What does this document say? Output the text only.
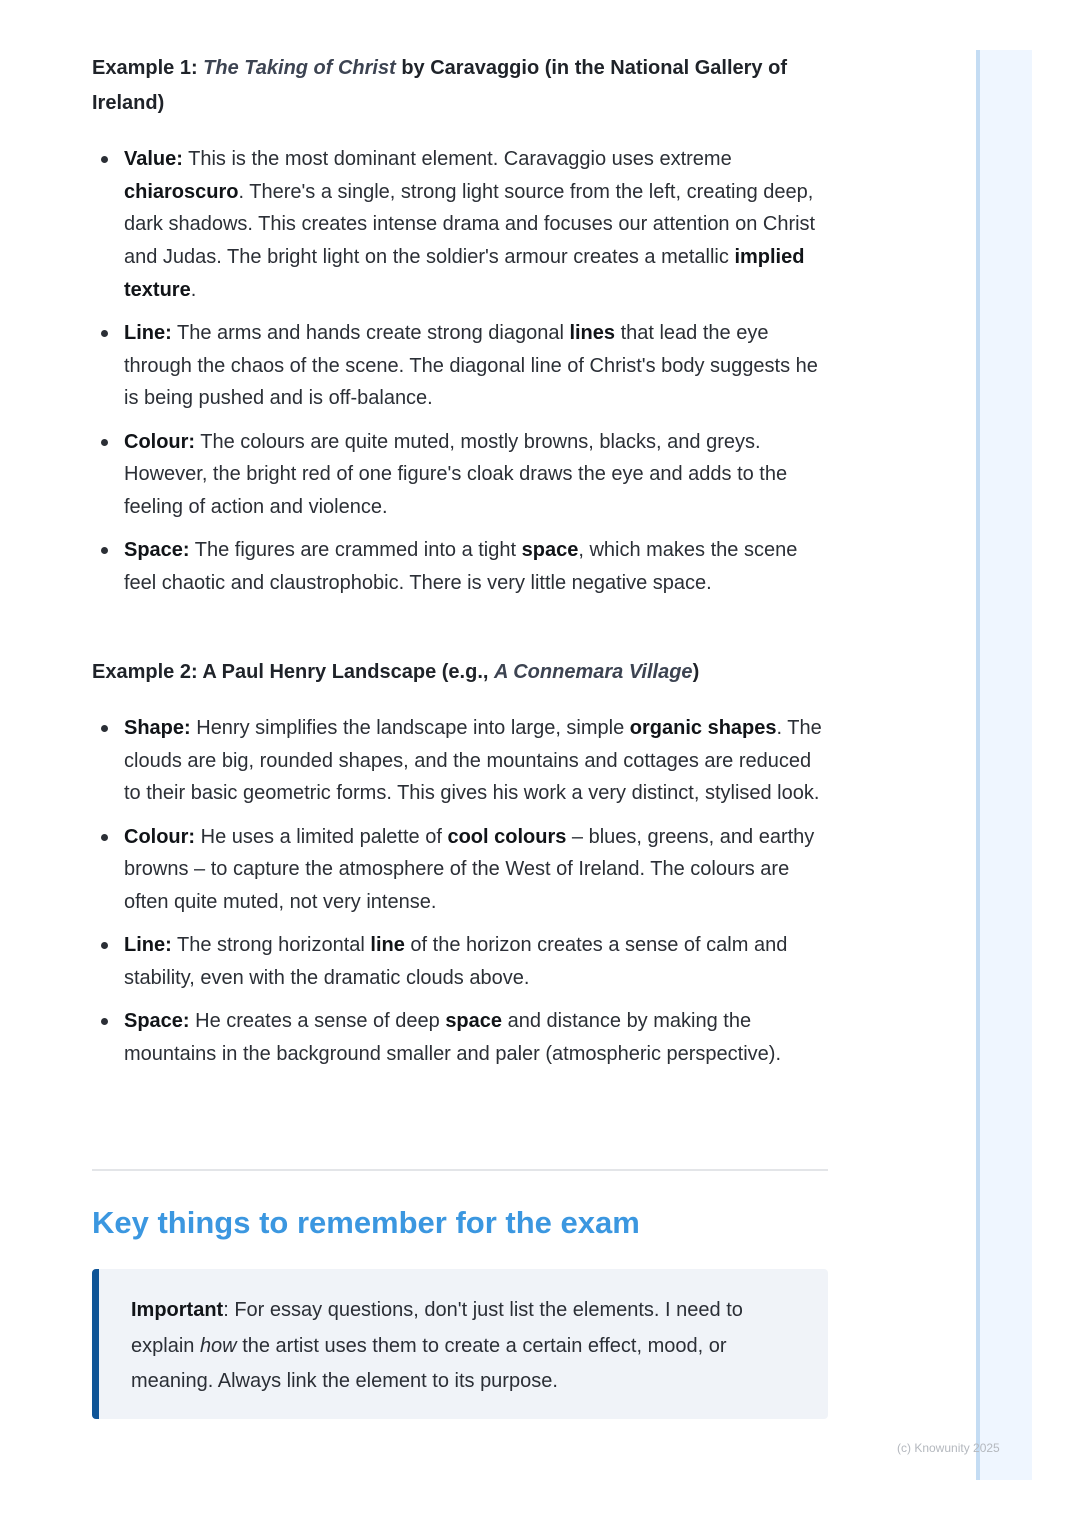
Example 1: The Taking of Christ by Caravaggio (in the National Gallery of Ireland)
Value: This is the most dominant element. Caravaggio uses extreme chiaroscuro. There's a single, strong light source from the left, creating deep, dark shadows. This creates intense drama and focuses our attention on Christ and Judas. The bright light on the soldier's armour creates a metallic implied texture.
Line: The arms and hands create strong diagonal lines that lead the eye through the chaos of the scene. The diagonal line of Christ's body suggests he is being pushed and is off-balance.
Colour: The colours are quite muted, mostly browns, blacks, and greys. However, the bright red of one figure's cloak draws the eye and adds to the feeling of action and violence.
Space: The figures are crammed into a tight space, which makes the scene feel chaotic and claustrophobic. There is very little negative space.
Example 2: A Paul Henry Landscape (e.g., A Connemara Village)
Shape: Henry simplifies the landscape into large, simple organic shapes. The clouds are big, rounded shapes, and the mountains and cottages are reduced to their basic geometric forms. This gives his work a very distinct, stylised look.
Colour: He uses a limited palette of cool colours – blues, greens, and earthy browns – to capture the atmosphere of the West of Ireland. The colours are often quite muted, not very intense.
Line: The strong horizontal line of the horizon creates a sense of calm and stability, even with the dramatic clouds above.
Space: He creates a sense of deep space and distance by making the mountains in the background smaller and paler (atmospheric perspective).
Key things to remember for the exam
Important: For essay questions, don't just list the elements. I need to explain how the artist uses them to create a certain effect, mood, or meaning. Always link the element to its purpose.
(c) Knowunity 2025
